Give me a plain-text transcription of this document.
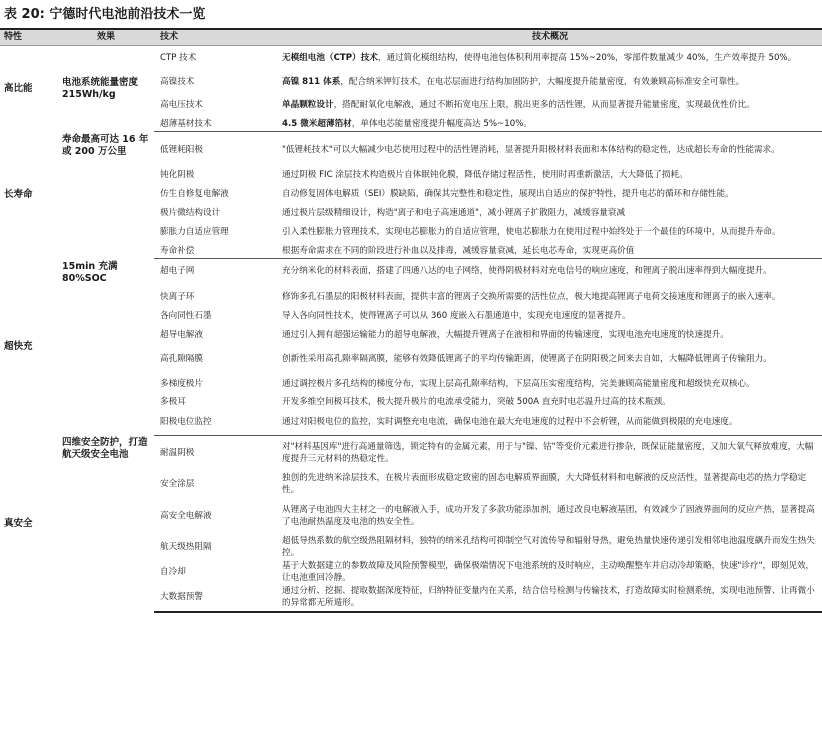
表 20: 宁德时代电池前沿技术一览
特性	效果	技术	技术概况
高比能	电池系统能量密度215Wh/kg	CTP 技术	无模组电池（CTP）技术，通过简化模组结构，使得电池包体积利用率提高 15%~20%，零部件数量减少 40%，生产效率提升 50%。
		高镍技术	高镍 811 体系，配合纳米钾钉技术，在电芯层面进行结构加固防护，大幅度提升能量密度，有效兼顾高标准安全可靠性。
		高电压技术	单晶颗粒设计，搭配耐氧化电解液，通过不断拓宽电压上限，脱出更多的活性锂，从而显著提升能量密度，实现最优性价比。
		超薄基材技术	4.5 微米超薄箔材，单体电芯能量密度提升幅度高达 5%~10%。
长寿命	寿命最高可达 16 年或 200 万公里	低锂耗阳极	"低锂耗技术"可以大幅减少电芯使用过程中的活性锂消耗，显著提升阳极材料表面和本体结构的稳定性，达成超长寿命的性能需求。
		钝化阴极	通过阴极 FIC 涂层技术构造极片自体眠钝化膜，降低存储过程活性，使用时再重新激活，大大降低了损耗。
		仿生自修复电解液	自动修复固体电解质（SEI）膜缺陷，确保其完整性和稳定性，展现出自适应的保护特性，提升电芯的循环和存储性能。
		极片微结构设计	通过极片层级精细设计，构造"离子和电子高速通道"，减小锂离子扩散阻力，减缓容量衰减
		膨胀力自适应管理	引入柔性膨胀力管理技术，实现电芯膨胀力的自适应管理，使电芯膨胀力在使用过程中始终处于一个最佳的环境中，从而提升寿命。
		寿命补偿	根据寿命需求在不同的阶段进行补血以及排毒，减缓容量衰减，延长电芯寿命，实现更高价值
超快充	15min 充满 80%SOC	超电子网	充分纳米化的材料表面，搭建了四通八达的电子网络，使得阴极材料对充电信号的响应速度，和锂离子脱出速率得到大幅度提升。
		快离子环	修饰多孔石墨层的阳极材料表面，提供丰富的锂离子交换所需要的活性位点，极大地提高锂离子电荷交接速度和锂离子的嵌入速率。
		各向同性石墨	导入各向同性技术，使得锂离子可以从 360 度嵌入石墨通道中，实现充电速度的显著提升。
		超导电解液	通过引入拥有超强运输能力的超导电解液，大幅提升锂离子在液相和界面的传输速度，实现电池充电速度的快速提升。
		高孔隙隔膜	创新性采用高孔隙率隔离膜，能够有效降低锂离子的平均传输距离，使锂离子在阴阳极之间来去自如，大幅降低锂离子传输阻力。
		多梯度极片	通过调控极片多孔结构的梯度分布，实现上层高孔隙率结构，下层高压实密度结构，完美兼顾高能量密度和超级快充双核心。
		多极耳	开发多维空间极耳技术，极大提升极片的电流承受能力，突破 500A 直充时电芯温升过高的技术瓶颈。
		阳极电位监控	通过对阳极电位的监控，实时调整充电电流，确保电池在最大充电速度的过程中不会析锂，从而能做到极限的充电速度。
真安全	四维安全防护，打造航天级安全电池	耐温阴极	对"材料基因库"进行高通量筛选，锁定特有的金属元素，用于与"镍、钴"等变价元素进行掺杂，既保证能量密度，又加大氧气释放难度，大幅度提升三元材料的热稳定性。
		安全涂层	独创的先进纳米涂层技术，在极片表面形成稳定致密的固态电解质界面膜，大大降低材料和电解液的反应活性，显著提高电芯的热力学稳定性。
		高安全电解液	从锂离子电池四大主材之一的电解液入手，成功开发了多款功能添加剂，通过改良电解液基团，有效减少了固液界面间的反应产热，显著提高了电池耐热温度及电池的热安全性。
		航天级热阻隔	超低导热系数的航空级热阻隔材料，独特的纳米孔结构可抑制空气对流传导和辐射导热，避免热量快速传递引发相邻电池温度飙升而发生热失控。
		自冷却	基于大数据建立的参数故障及风险预警模型，确保极端情况下电池系统的及时响应，主动唤醒整车并启动冷却策略，快速"诊疗"，即刻见效，让电池重回冷静。
		大数据预警	通过分析、挖掘、提取数据深度特征，归纳特征变量内在关系，结合信号检测与传输技术，打造故障实时检测系统，实现电池预警、让再微小的异常都无所遁形。
